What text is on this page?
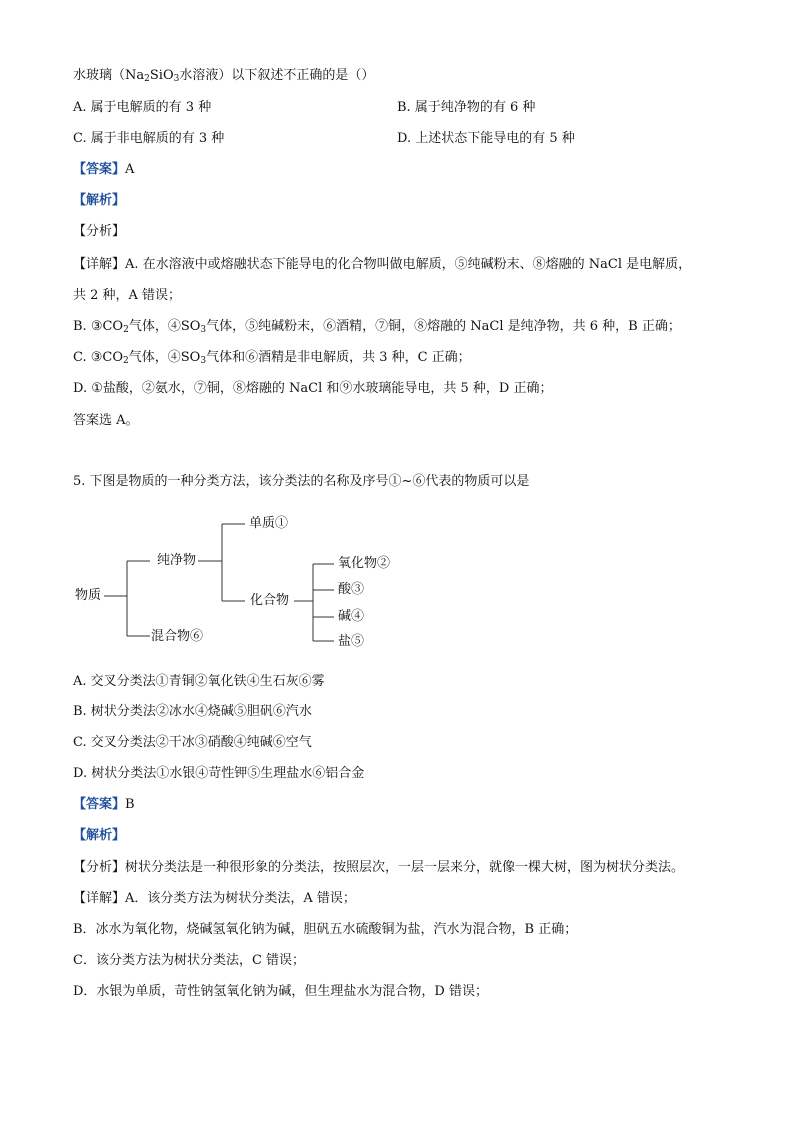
水玻璃（$Na_2SiO_3$水溶液）以下叙述不正确的是（）
A. 属于电解质的有 3 种	B. 属于纯净物的有 6 种
C. 属于非电解质的有 3 种	D. 上述状态下能导电的有 5 种
【答案】A
【解析】
【分析】
【详解】A. 在水溶液中或熔融状态下能导电的化合物叫做电解质，⑤纯碱粉末、⑧熔融的 NaCl 是电解质，
共 2 种，A 错误；
B. $③CO_2$气体，$④SO_3$气体，⑤纯碱粉末，⑥酒精，⑦铜，⑧熔融的 NaCl 是纯净物，共 6 种，B 正确；
C. $③CO_2$气体，$④SO_3$气体和⑥酒精是非电解质，共 3 种，C 正确；
D. ①盐酸，②氨水，⑦铜，⑧熔融的 NaCl 和⑨水玻璃能导电，共 5 种，D 正确；
答案选 A。
5. 下图是物质的一种分类方法，该分类法的名称及序号①~⑥代表的物质可以是
物质
纯净物
混合物⑥
单质①
化合物
氧化物②
酸③
碱④
盐⑤
A. 交叉分类法①青铜②氧化铁④生石灰⑥雾
B. 树状分类法②冰水④烧碱⑤胆矾⑥汽水
C. 交叉分类法②干冰③硝酸④纯碱⑥空气
D. 树状分类法①水银④苛性钾⑤生理盐水⑥铝合金
【答案】B
【解析】
【分析】树状分类法是一种很形象的分类法，按照层次，一层一层来分，就像一棵大树，图为树状分类法。
【详解】A．该分类方法为树状分类法，A 错误；
B．冰水为氧化物，烧碱氢氧化钠为碱，胆矾五水硫酸铜为盐，汽水为混合物，B 正确；
C．该分类方法为树状分类法，C 错误；
D．水银为单质，苛性钠氢氧化钠为碱，但生理盐水为混合物，D 错误；
